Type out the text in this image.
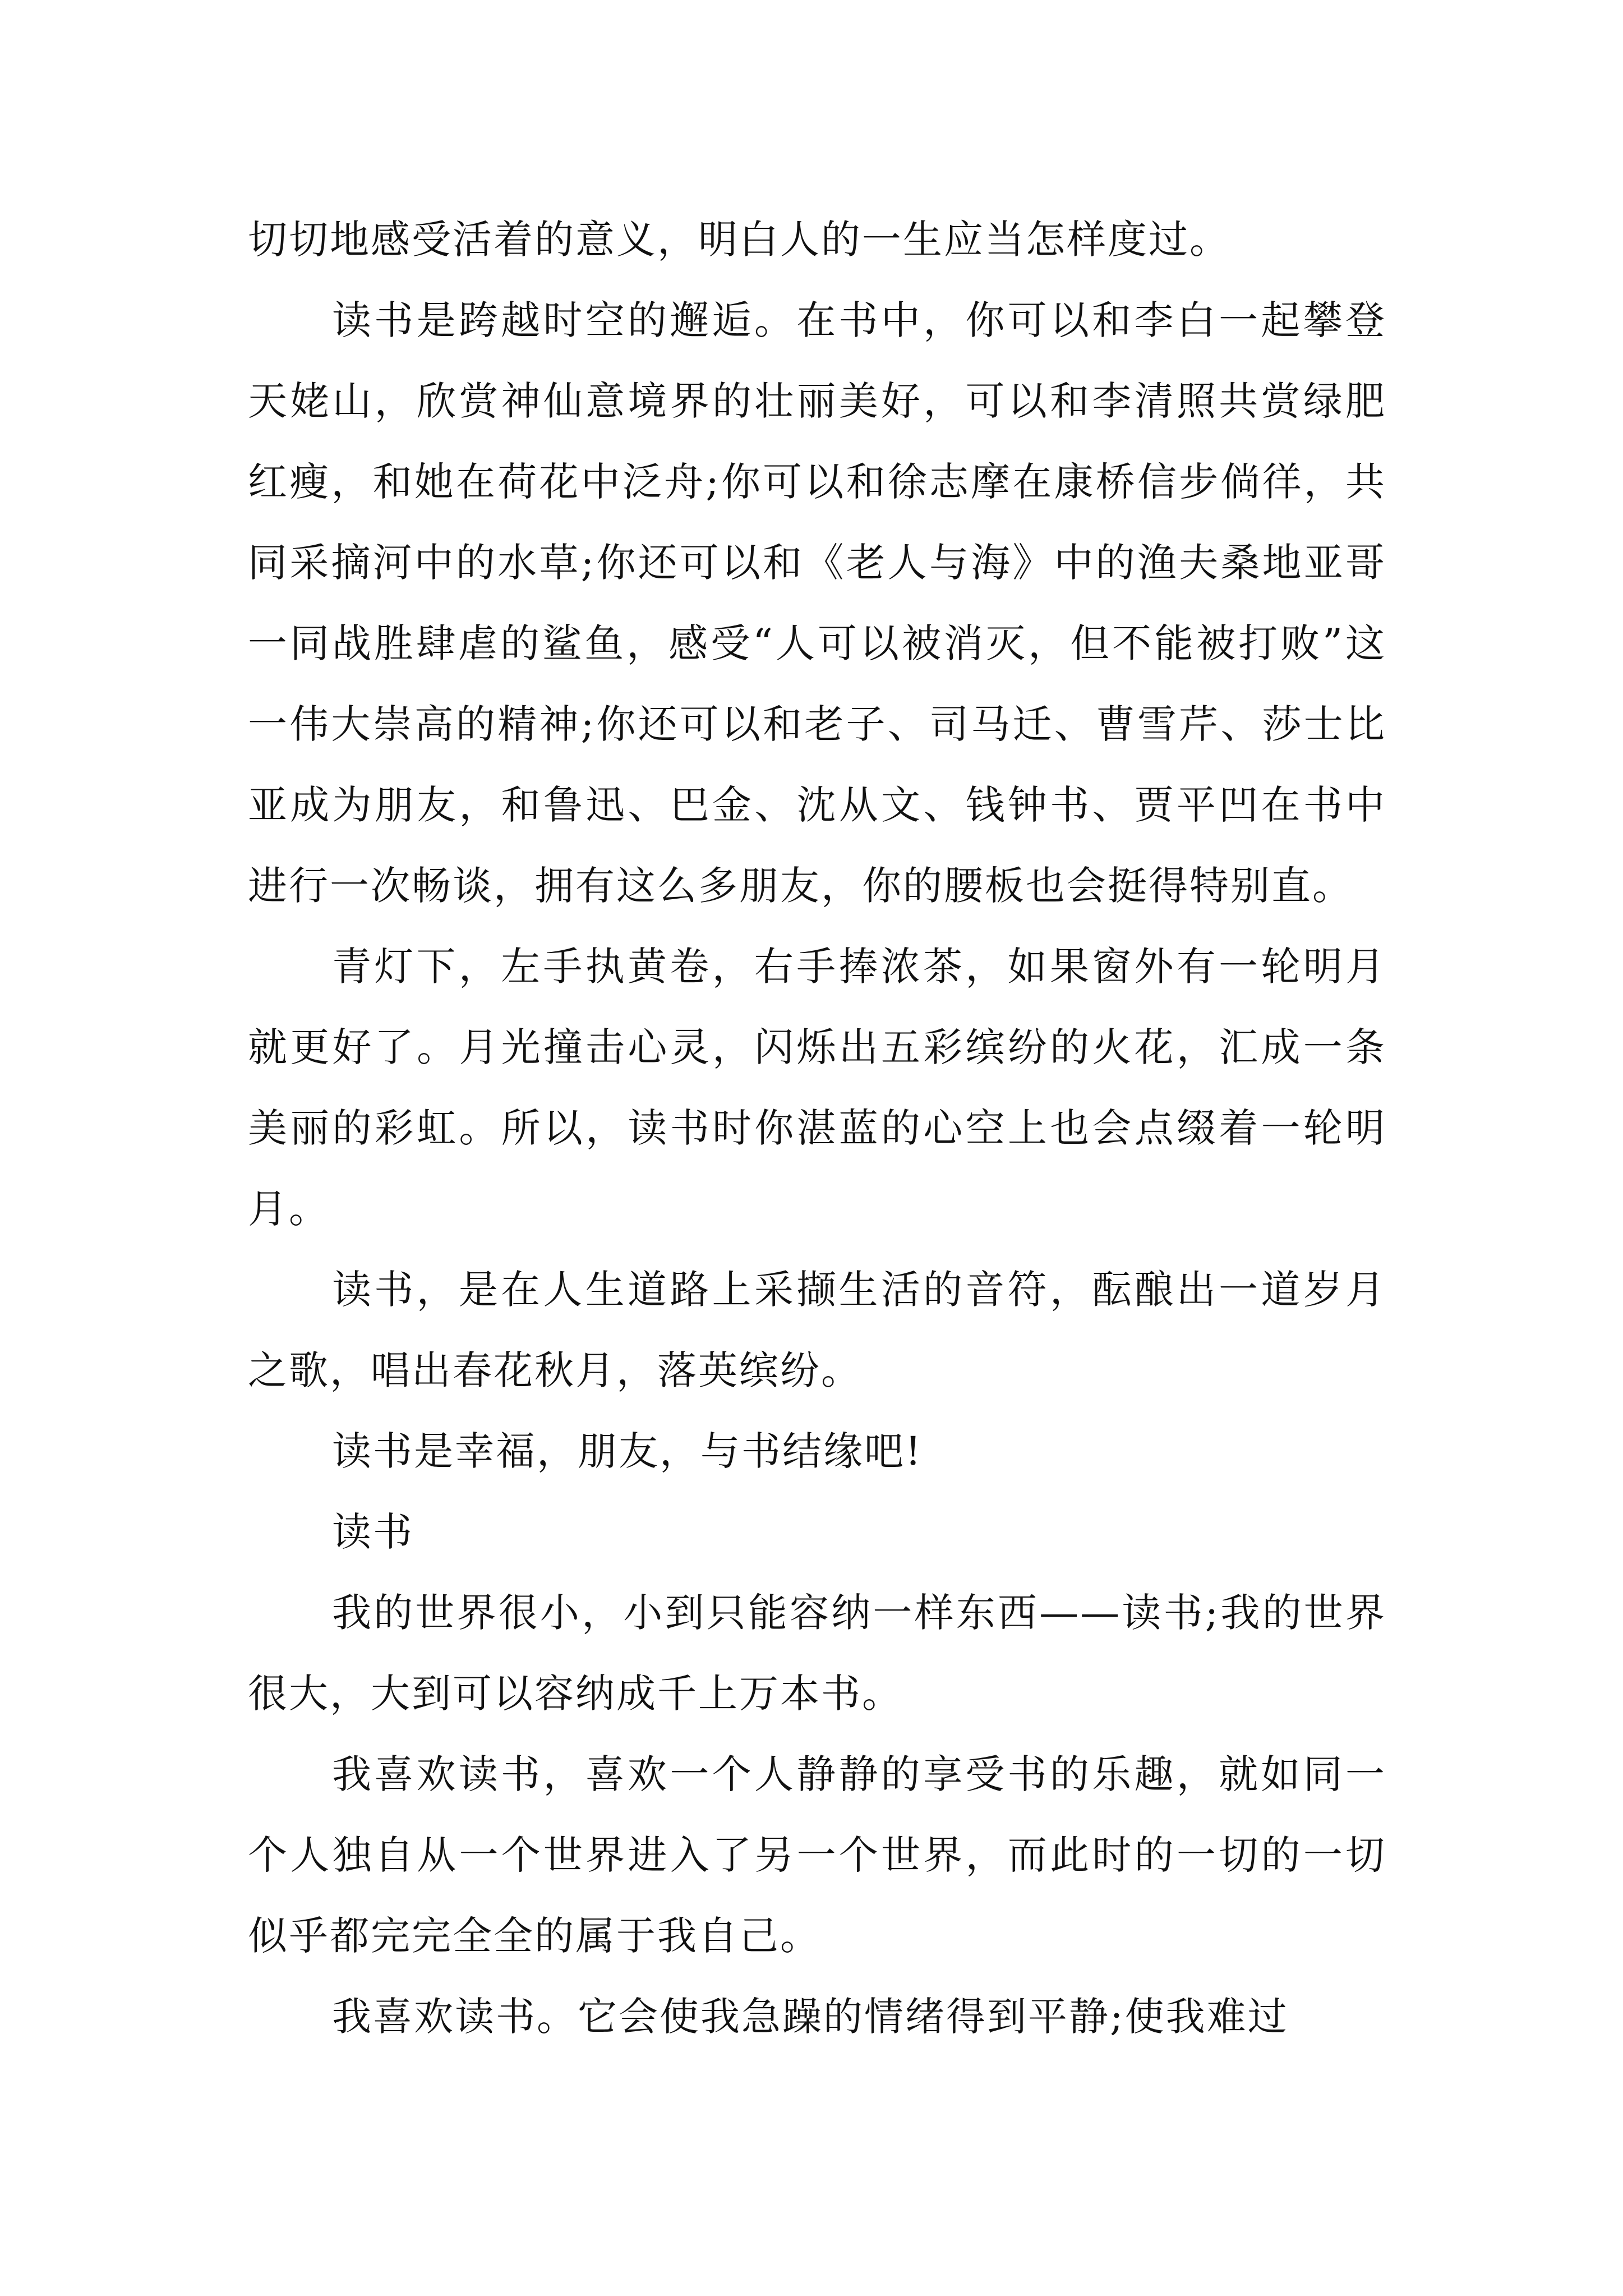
切切地感受活着的意义，明白人的一生应当怎样度过。

读书是跨越时空的邂逅。在书中，你可以和李白一起攀登天姥山，欣赏神仙意境界的壮丽美好，可以和李清照共赏绿肥红瘦，和她在荷花中泛舟;你可以和徐志摩在康桥信步倘徉，共同采摘河中的水草;你还可以和《老人与海》中的渔夫桑地亚哥一同战胜肆虐的鲨鱼，感受“人可以被消灭，但不能被打败”这一伟大崇高的精神;你还可以和老子、司马迁、曹雪芹、莎士比亚成为朋友，和鲁迅、巴金、沈从文、钱钟书、贾平凹在书中进行一次畅谈，拥有这么多朋友，你的腰板也会挺得特别直。

青灯下，左手执黄卷，右手捧浓茶，如果窗外有一轮明月就更好了。月光撞击心灵，闪烁出五彩缤纷的火花，汇成一条美丽的彩虹。所以，读书时你湛蓝的心空上也会点缀着一轮明月。

读书，是在人生道路上采撷生活的音符，酝酿出一道岁月之歌，唱出春花秋月，落英缤纷。

读书是幸福，朋友，与书结缘吧!

读书

我的世界很小，小到只能容纳一样东西——读书;我的世界很大，大到可以容纳成千上万本书。

我喜欢读书，喜欢一个人静静的享受书的乐趣，就如同一个人独自从一个世界进入了另一个世界，而此时的一切的一切似乎都完完全全的属于我自己。

我喜欢读书。它会使我急躁的情绪得到平静;使我难过
